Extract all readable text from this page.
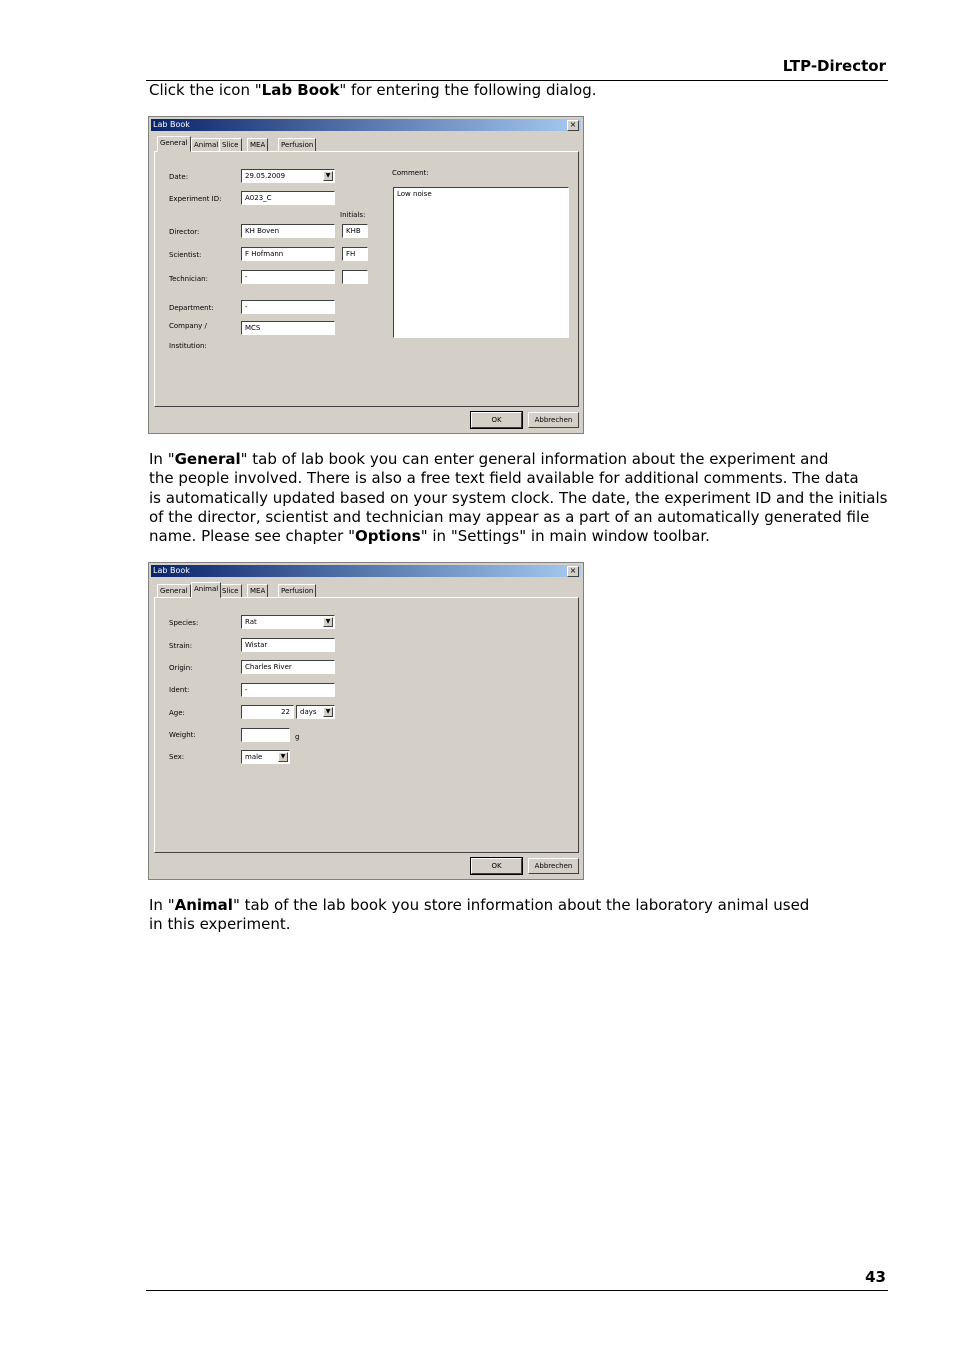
LTP-Director
Click the icon "Lab Book" for entering the following dialog.
Lab Book	×
General Animal Slice	MEA	Perfusion
Date:	29.05.2009	▼
Experiment ID:	A023_C
Initials:
Director:	KH Boven	KHB
Scientist:	F Hofmann	FH
Technician:	-
Department:	-
Company /	MCS
Institution:
Comment:
Low noise
OK	Abbrechen
In "General" tab of lab book you can enter general information about the experiment and
the people involved. There is also a free text field available for additional comments. The data
is automatically updated based on your system clock. The date, the experiment ID and the initials
of the director, scientist and technician may appear as a part of an automatically generated file
name. Please see chapter "Options" in "Settings" in main window toolbar.
Lab Book	×
General Animal Slice	MEA	Perfusion
Species:	Rat	▼
Strain:	Wistar
Origin:	Charles River
Ident:	-
Age:	22	days	▼
Weight:	g
Sex:	male	▼
OK	Abbrechen
In "Animal" tab of the lab book you store information about the laboratory animal used
in this experiment.
43
